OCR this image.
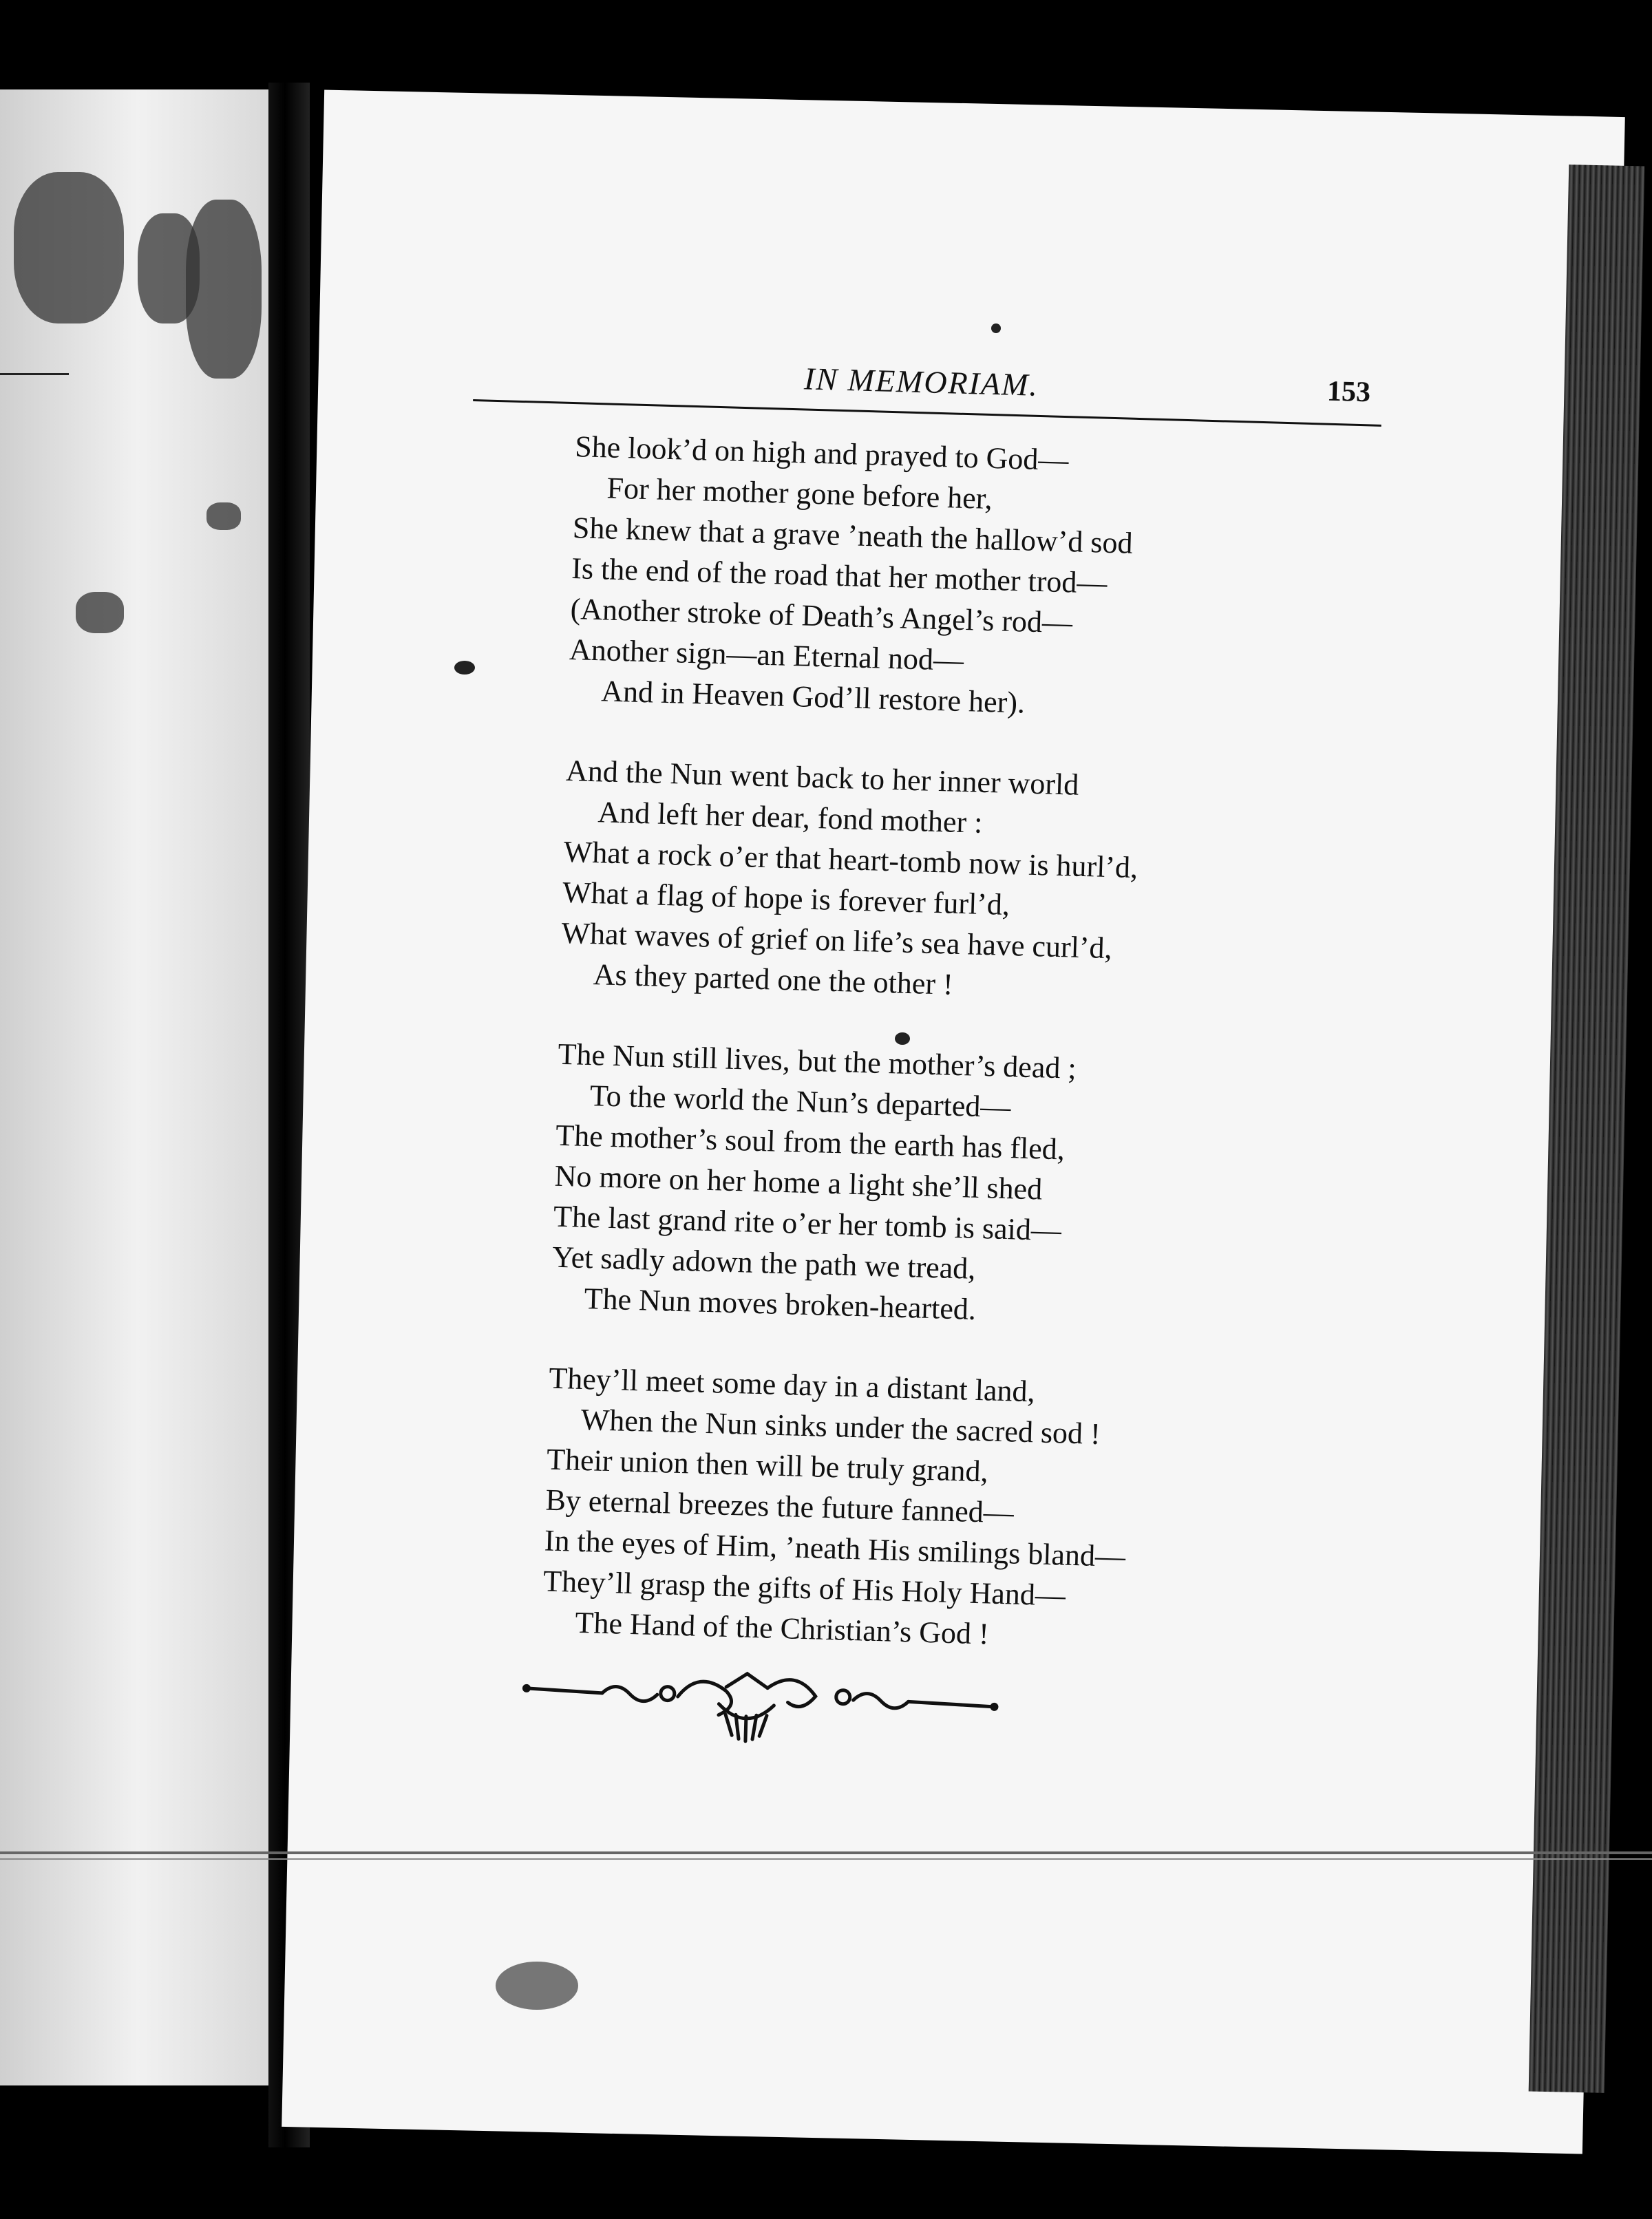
IN MEMORIAM.	153
She look’d on high and prayed to God—
For her mother gone before her,
She knew that a grave ’neath the hallow’d sod
Is the end of the road that her mother trod—
(Another stroke of Death’s Angel’s rod—
Another sign—an Eternal nod—
And in Heaven God’ll restore her).
And the Nun went back to her inner world
And left her dear, fond mother :
What a rock o’er that heart-tomb now is hurl’d,
What a flag of hope is forever furl’d,
What waves of grief on life’s sea have curl’d,
As they parted one the other !
The Nun still lives, but the mother’s dead ;
To the world the Nun’s departed—
The mother’s soul from the earth has fled,
No more on her home a light she’ll shed
The last grand rite o’er her tomb is said—
Yet sadly adown the path we tread,
The Nun moves broken-hearted.
They’ll meet some day in a distant land,
When the Nun sinks under the sacred sod !
Their union then will be truly grand,
By eternal breezes the future fanned—
In the eyes of Him, ’neath His smilings bland—
They’ll grasp the gifts of His Holy Hand—
The Hand of the Christian’s God !
